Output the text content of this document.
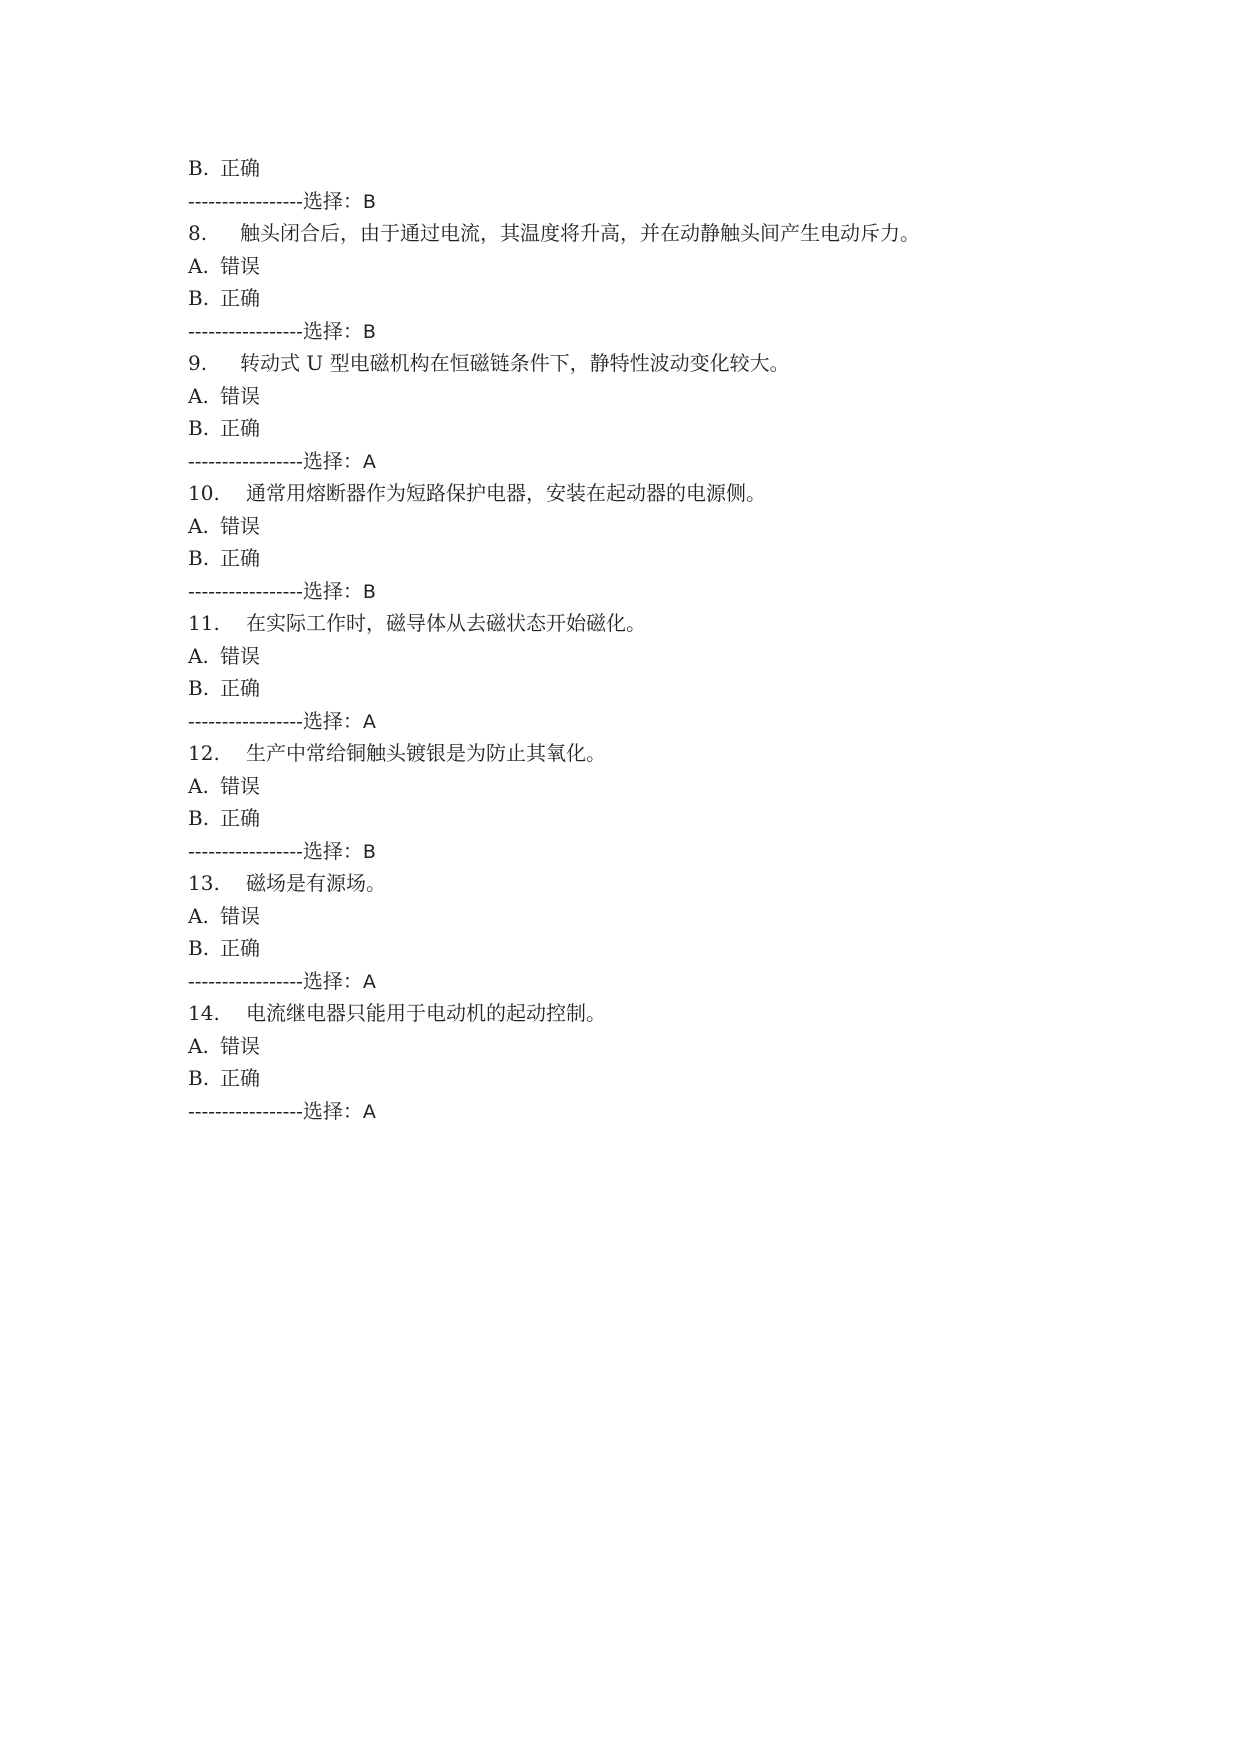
B. 正确
-----------------选择：B
8. 触头闭合后，由于通过电流，其温度将升高，并在动静触头间产生电动斥力。
A. 错误
B. 正确
-----------------选择：B
9. 转动式 U 型电磁机构在恒磁链条件下，静特性波动变化较大。
A. 错误
B. 正确
-----------------选择：A
10. 通常用熔断器作为短路保护电器，安装在起动器的电源侧。
A. 错误
B. 正确
-----------------选择：B
11. 在实际工作时，磁导体从去磁状态开始磁化。
A. 错误
B. 正确
-----------------选择：A
12. 生产中常给铜触头镀银是为防止其氧化。
A. 错误
B. 正确
-----------------选择：B
13. 磁场是有源场。
A. 错误
B. 正确
-----------------选择：A
14. 电流继电器只能用于电动机的起动控制。
A. 错误
B. 正确
-----------------选择：A
